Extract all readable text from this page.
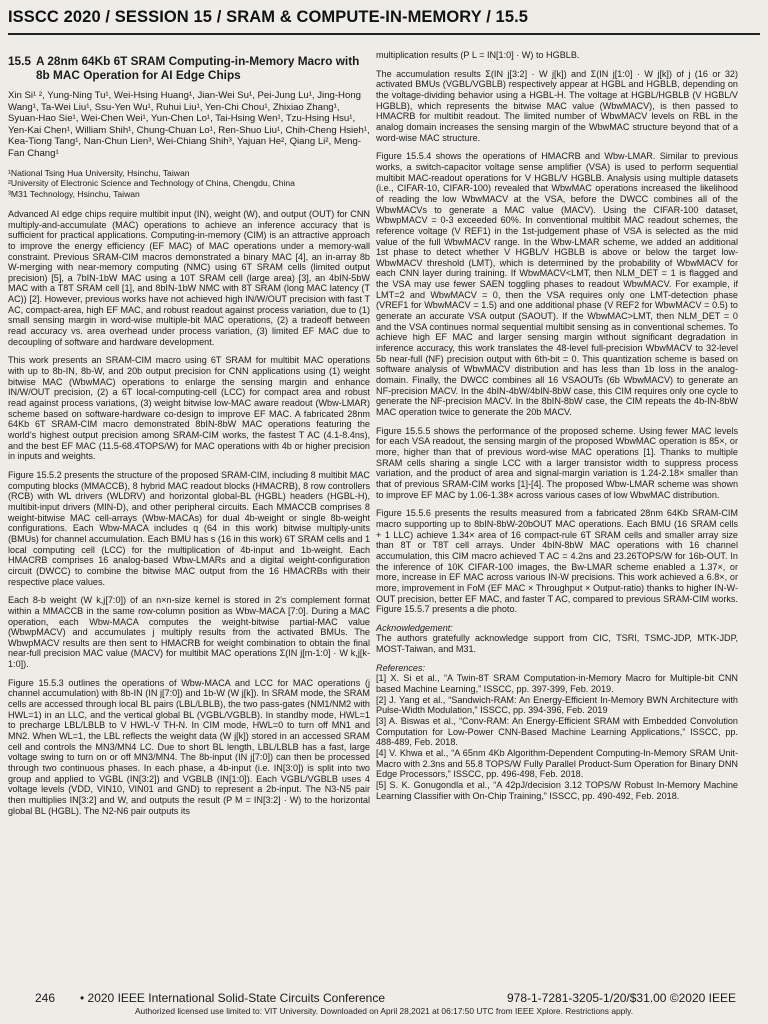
ISSCC 2020 / SESSION 15 / SRAM & COMPUTE-IN-MEMORY / 15.5
15.5 A 28nm 64Kb 6T SRAM Computing-in-Memory Macro with 8b MAC Operation for AI Edge Chips
Xin Si¹ ², Yung-Ning Tu¹, Wei-Hsing Huang¹, Jian-Wei Su¹, Pei-Jung Lu¹, Jing-Hong Wang¹, Ta-Wei Liu¹, Ssu-Yen Wu¹, Ruhui Liu¹, Yen-Chi Chou¹, Zhixiao Zhang¹, Syuan-Hao Sie¹, Wei-Chen Wei¹, Yun-Chen Lo¹, Tai-Hsing Wen¹, Tzu-Hsing Hsu¹, Yen-Kai Chen¹, William Shih¹, Chung-Chuan Lo¹, Ren-Shuo Liu¹, Chih-Cheng Hsieh¹, Kea-Tiong Tang¹, Nan-Chun Lien³, Wei-Chiang Shih³, Yajuan He², Qiang Li², Meng-Fan Chang¹
¹National Tsing Hua University, Hsinchu, Taiwan
²University of Electronic Science and Technology of China, Chengdu, China
³M31 Technology, Hsinchu, Taiwan

Advanced AI edge chips require multibit input (IN), weight (W), and output (OUT) for CNN multiply-and-accumulate (MAC) operations to achieve an inference accuracy that is sufficient for practical applications. Computing-in-memory (CIM) is an attractive approach to improve the energy efficiency (EF MAC) of MAC operations under a memory-wall constraint. Previous SRAM-CIM macros demonstrated a binary MAC [4], an in-array 8b W-merging with near-memory computing (NMC) using 6T SRAM cells (limited output precision) [5], a 7bIN-1bW MAC using a 10T SRAM cell (large area) [3], an 4bIN-5bW MAC with a T8T SRAM cell [1], and 8bIN-1bW NMC with 8T SRAM (long MAC latency (T AC)) [2]. However, previous works have not achieved high IN/W/OUT precision with fast T AC, compact-area, high EF MAC, and robust readout against process variation, due to (1) small sensing margin in word-wise multiple-bit MAC operations, (2) a tradeoff between read accuracy vs. area overhead under process variation, (3) limited EF MAC due to decoupling of software and hardware development.

This work presents an SRAM-CIM macro using 6T SRAM for multibit MAC operations with up to 8b-IN, 8b-W, and 20b output precision for CNN applications using (1) weight bitwise MAC (WbwMAC) operations to enlarge the sensing margin and enhance IN/W/OUT precision, (2) a 6T local-computing-cell (LCC) for compact area and robust read against process variations, (3) weight bitwise low-MAC aware readout (Wbw-LMAR) scheme based on software-hardware co-design to improve EF MAC. A fabricated 28nm 64Kb 6T SRAM-CIM macro demonstrated 8bIN-8bW MAC operations featuring the world’s highest output precision among SRAM-CIM works, the fastest T AC (4.1-8.4ns), and the best EF MAC (11.5-68.4TOPS/W) for MAC operations with 4b or higher precision in inputs and weights.

Figure 15.5.2 presents the structure of the proposed SRAM-CIM, including 8 multibit MAC computing blocks (MMACCB), 8 hybrid MAC readout blocks (HMACRB), 8 row controllers (RCB) with WL drivers (WLDRV) and horizontal global-BL (HGBL) headers (HGBL-H), multibit-input drivers (MIN-D), and other peripheral circuits. Each MMACCB comprises 8 weight-bitwise MAC cell-arrays (Wbw-MACAs) for dual 4b-weight or single 8b-weight configurations. Each Wbw-MACA includes q (64 in this work) bitwise multiply-units (BMUs) for channel accumulation. Each BMU has s (16 in this work) 6T SRAM cells and 1 local computing cell (LCC) for the multiplication of 4b-input and 1b-weight. Each HMACRB comprises 16 analog-based Wbw-LMARs and a digital weight-configuration circuit (DWCC) to combine the bitwise MAC output from the 16 HMACRBs with their respective place values.

Each 8-b weight (W k,j[7:0]) of an n×n-size kernel is stored in 2’s complement format within a MMACCB in the same row-column position as Wbw-MACA [7:0]. During a MAC operation, each Wbw-MACA computes the weight-bitwise partial-MAC value (WbwpMACV) and accumulates j multiply results from the activated BMUs. The WbwpMACV results are then sent to HMACRB for weight combination to obtain the final near-full precision MAC value (MACV) for multibit MAC operations Σ(IN j[m-1:0] · W k,j[k-1:0]).

Figure 15.5.3 outlines the operations of Wbw-MACA and LCC for MAC operations (j channel accumulation) with 8b-IN (IN j[7:0]) and 1b-W (W j[k]). In SRAM mode, the SRAM cells are accessed through local BL pairs (LBL/LBLB), the two pass-gates (NM1/NM2 with HWL=1) in an LLC, and the vertical global BL (VGBL/VGBLB). In standby mode, HWL=1 to precharge LBL/LBLB to V HWL-V TH-N. In CIM mode, HWL=0 to turn off MN1 and MN2. When WL=1, the LBL reflects the weight data (W j[k]) stored in an accessed SRAM cell and controls the MN3/MN4 LC. Due to short BL length, LBL/LBLB has a fast, large voltage swing to turn on or off MN3/MN4. The 8b-input (IN j[7:0]) can then be processed through two continuous phases. In each phase, a 4b-input (i.e. IN[3:0]) is split into two group and applied to VGBL (IN[3:2]) and VGBLB (IN[1:0]). Each VGBL/VGBLB uses 4 voltage levels (VDD, VIN10, VIN01 and GND) to represent a 2b-input. The N3-N5 pair then multiplies IN[3:2] and W, and outputs the result (P M = IN[3:2] · W) to the horizontal global BL (HGBL). The N2-N6 pair outputs its

multiplication results (P L = IN[1:0] · W) to HGBLB.

The accumulation results Σ(IN j[3:2] · W j[k]) and Σ(IN j[1:0] · W j[k]) of j (16 or 32) activated BMUs (VGBL/VGBLB) respectively appear at HGBL and HGBLB, depending on the voltage-dividing behavior using a HGBL-H. The voltage at HGBL/HGBLB (V HGBL/V HGBLB), which represents the bitwise MAC value (WbwMACV), is then passed to HMACRB for multibit readout. The limited number of WbwMACV levels on RBL in the analog domain increases the sensing margin of the WbwMAC structure beyond that of a word-wise MAC structure.

Figure 15.5.4 shows the operations of HMACRB and Wbw-LMAR. Similar to previous works, a switch-capacitor voltage sense amplifier (VSA) is used to perform sequential multibit MAC-readout operations for V HGBL/V HGBLB. Analysis using multiple datasets (i.e., CIFAR-10, CIFAR-100) revealed that WbwMAC operations increased the likelihood of reading the low WbwMACV at the VSA, before the DWCC combines all of the WbwMACVs to generate a MAC value (MACV). Using the CIFAR-100 dataset, WbwpMACV = 0-3 exceeded 60%. In conventional multibit MAC readout schemes, the reference voltage (V REF1) in the 1st-judgement phase of VSA is selected as the mid value of the full WbwMACV range. In the Wbw-LMAR scheme, we added an additional 1st phase to detect whether V HGBL/V HGBLB is above or below the target low-WbwMACV threshold (LMT), which is determined by the probability of WbwMACV for each CNN layer during training. If WbwMACV<LMT, then NLM_DET = 1 is flagged and the VSA may use fewer SAEN toggling phases to readout WbwMACV. For example, if LMT=2 and WbwMACV = 0, then the VSA requires only one LMT-detection phase (VREF1 for WbwMACV = 1.5) and one additional phase (V REF2 for WbwMACV = 0.5) to generate an accurate VSA output (SAOUT). If the WbwMAC>LMT, then NLM_DET = 0 and the VSA continues normal sequential multibit sensing as in conventional schemes. To achieve high EF MAC and larger sensing margin without significant degradation in inference accuracy, this work translates the 48-level full-precision WbwMACV to 32-level 5b near-full (NF) precision output with 6th-bit = 0. This quantization scheme is based on software analysis of WbwMACV distribution and has less than 1b loss in the analog-domain. Finally, the DWCC combines all 16 VSAOUTs (6b WbwMACV) to generate an NF-precision MACV. In the 4bIN-4bW/4bIN-8bW case, this CIM requires only one cycle to generate the NF-precision MACV. In the 8bIN-8bW case, the CIM repeats the 4b-IN-8bW MAC operation twice to generate the 20b MACV.

Figure 15.5.5 shows the performance of the proposed scheme. Using fewer MAC levels for each VSA readout, the sensing margin of the proposed WbwMAC operation is 85×, or more, higher than that of previous word-wise MAC operations [1]. Thanks to multiple SRAM cells sharing a single LCC with a larger transistor width to suppress process variation, and the product of area and signal-margin variation is 1.24-2.18× smaller than that of previous SRAM-CIM works [1]-[4]. The proposed Wbw-LMAR scheme was shown to improve EF MAC by 1.06-1.38× across various cases of low WbwMAC distribution.

Figure 15.5.6 presents the results measured from a fabricated 28nm 64Kb SRAM-CIM macro supporting up to 8bIN-8bW-20bOUT MAC operations. Each BMU (16 SRAM cells + 1 LLC) achieve 1.34× area of 16 compact-rule 6T SRAM cells and smaller array size than 8T or T8T cell arrays. Under 4bIN-8bW MAC operations with 16 channel accumulation, this CIM macro achieved T AC = 4.2ns and 23.26TOPS/W for 16b-OUT. In the inference of 10K CIFAR-100 images, the Bw-LMAR scheme enabled a 1.37×, or more, increase in EF MAC across various IN-W precisions. This work achieved a 6.8×, or more, improvement in FoM (EF MAC × Throughput × Output-ratio) thanks to higher IN-W-OUT precision, better EF MAC, and faster T AC, compared to previous SRAM-CIM works. Figure 15.5.7 presents a die photo.

Acknowledgement:

The authors gratefully acknowledge support from CIC, TSRI, TSMC-JDP, MTK-JDP, MOST-Taiwan, and M31.

References:
[1] X. Si et al., “A Twin-8T SRAM Computation-in-Memory Macro for Multiple-bit CNN based Machine Learning,” ISSCC, pp. 397-399, Feb. 2019.
[2] J. Yang et al., “Sandwich-RAM: An Energy-Efficient In-Memory BWN Architecture with Pulse-Width Modulation,” ISSCC, pp. 394-396, Feb. 2019
[3] A. Biswas et al., “Conv-RAM: An Energy-Efficient SRAM with Embedded Convolution Computation for Low-Power CNN-Based Machine Learning Applications,” ISSCC, pp. 488-489, Feb. 2018.
[4] V. Khwa et al., “A 65nm 4Kb Algorithm-Dependent Computing-In-Memory SRAM Unit-Macro with 2.3ns and 55.8 TOPS/W Fully Parallel Product-Sum Operation for Binary DNN Edge Processors,” ISSCC, pp. 496-498, Feb. 2018.
[5] S. K. Gonugondla et al., “A 42pJ/decision 3.12 TOPS/W Robust In-Memory Machine Learning Classifier with On-Chip Training,” ISSCC, pp. 490-492, Feb. 2018.
246 • 2020 IEEE International Solid-State Circuits Conference	978-1-7281-3205-1/20/$31.00 ©2020 IEEE
Authorized licensed use limited to: VIT University. Downloaded on April 28,2021 at 06:17:50 UTC from IEEE Xplore. Restrictions apply.
